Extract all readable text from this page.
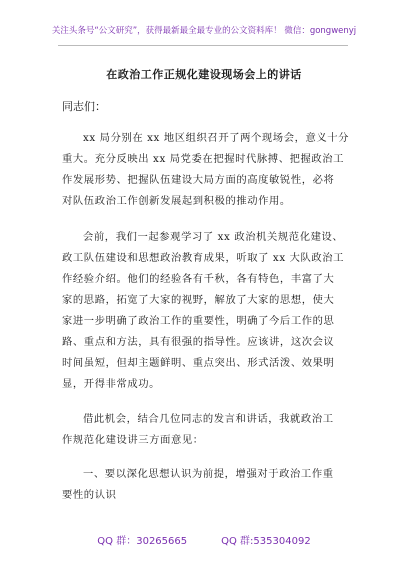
关注头条号“公文研究”，获得最新最全最专业的公文资料库！ 微信：gongwenyj
在政治工作正规化建设现场会上的讲话
同志们：
xx 局分别在 xx 地区组织召开了两个现场会，意义十分
重大。充分反映出 xx 局党委在把握时代脉搏、把握政治工
作发展形势、把握队伍建设大局方面的高度敏锐性，必将
对队伍政治工作创新发展起到积极的推动作用。
会前，我们一起参观学习了 xx 政治机关规范化建设、
政工队伍建设和思想政治教育成果，听取了 xx 大队政治工
作经验介绍。他们的经验各有千秋，各有特色，丰富了大
家的思路，拓宽了大家的视野，解放了大家的思想，使大
家进一步明确了政治工作的重要性，明确了今后工作的思
路、重点和方法，具有很强的指导性。应该讲，这次会议
时间虽短，但却主题鲜明、重点突出、形式活泼、效果明
显，开得非常成功。
借此机会，结合几位同志的发言和讲话，我就政治工
作规范化建设讲三方面意见：
一、要以深化思想认识为前提，增强对于政治工作重
要性的认识
QQ 群：30265665	QQ 群:535304092
